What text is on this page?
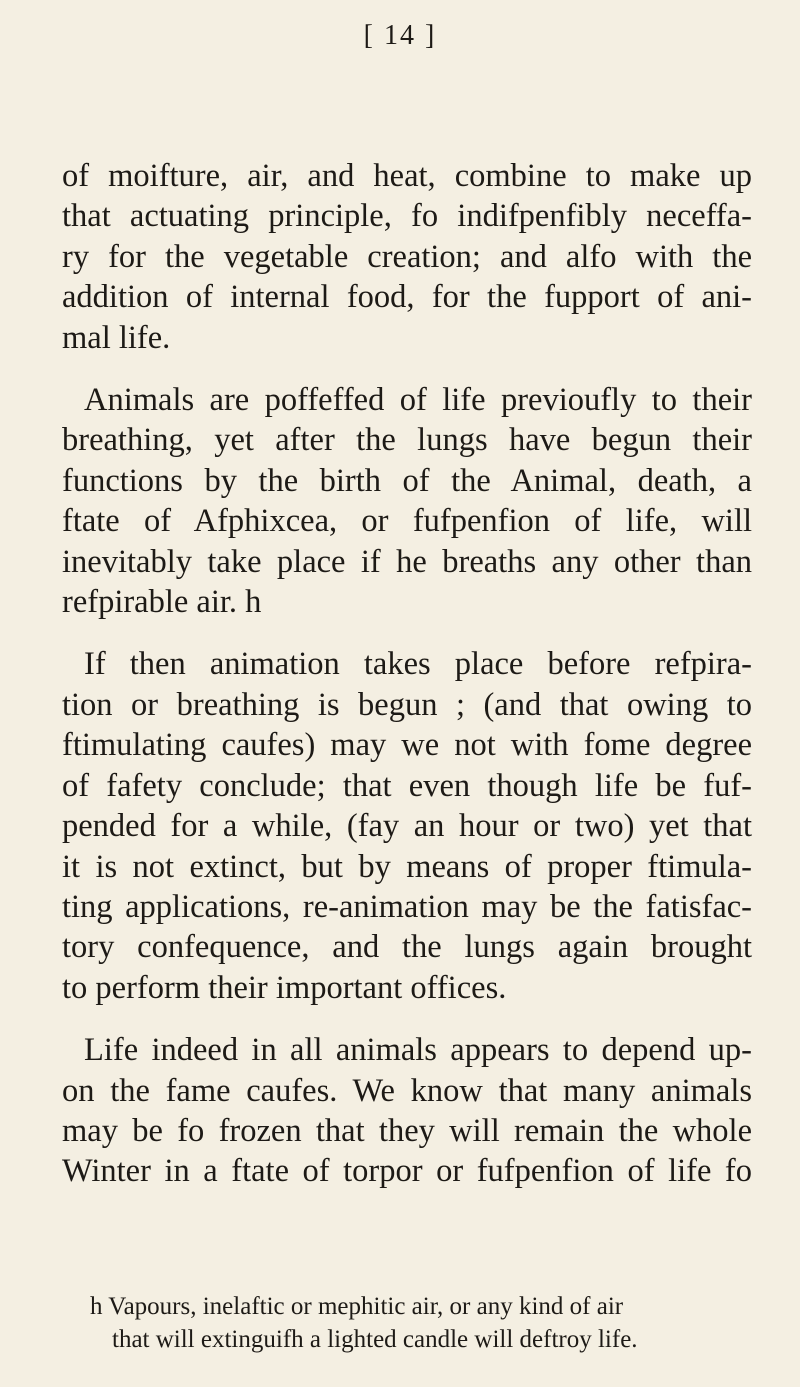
[ 14 ]
of moifture, air, and heat, combine to make up
that actuating principle, fo indifpenfibly neceffa-
ry for the vegetable creation; and alfo with the
addition of internal food, for the fupport of ani-
mal life.
Animals are poffeffed of life previoufly to their
breathing, yet after the lungs have begun their
functions by the birth of the Animal, death, a
ftate of Afphixcea, or fufpenfion of life, will
inevitably take place if he breaths any other than
refpirable air. h
If then animation takes place before refpira-
tion or breathing is begun ; (and that owing to
ftimulating caufes) may we not with fome degree
of fafety conclude; that even though life be fuf-
pended for a while, (fay an hour or two) yet that
it is not extinct, but by means of proper ftimula-
ting applications, re-animation may be the fatisfac-
tory confequence, and the lungs again brought
to perform their important offices.
Life indeed in all animals appears to depend up-
on the fame caufes. We know that many animals
may be fo frozen that they will remain the whole
Winter in a ftate of torpor or fufpenfion of life fo
h Vapours, inelaftic or mephitic air, or any kind of air
that will extinguifh a lighted candle will deftroy life.
